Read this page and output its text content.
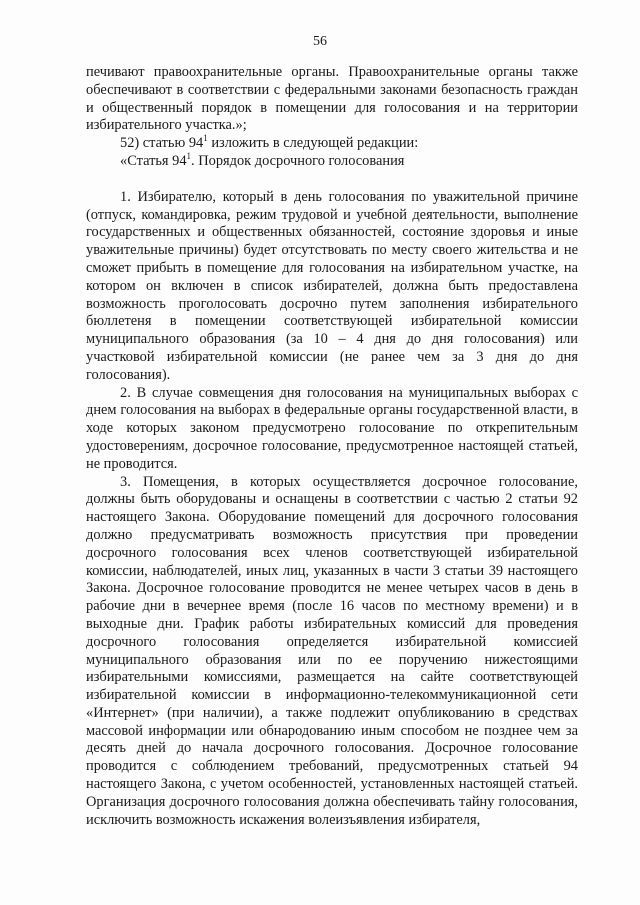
56

печивают правоохранительные органы. Правоохранительные органы также обеспечивают в соответствии с федеральными законами безопасность граждан и общественный порядок в помещении для голосования и на территории избирательного участка.»;

52) статью $94^1$ изложить в следующей редакции:

«Статья $94^1$. Порядок досрочного голосования

1. Избирателю, который в день голосования по уважительной причине (отпуск, командировка, режим трудовой и учебной деятельности, выполнение государственных и общественных обязанностей, состояние здоровья и иные уважительные причины) будет отсутствовать по месту своего жительства и не сможет прибыть в помещение для голосования на избирательном участке, на котором он включен в список избирателей, должна быть предоставлена возможность проголосовать досрочно путем заполнения избирательного бюллетеня в помещении соответствующей избирательной комиссии муниципального образования (за 10 – 4 дня до дня голосования) или участковой избирательной комиссии (не ранее чем за 3 дня до дня голосования).

2. В случае совмещения дня голосования на муниципальных выборах с днем голосования на выборах в федеральные органы государственной власти, в ходе которых законом предусмотрено голосование по открепительным удостоверениям, досрочное голосование, предусмотренное настоящей статьей, не проводится.

3. Помещения, в которых осуществляется досрочное голосование, должны быть оборудованы и оснащены в соответствии с частью 2 статьи 92 настоящего Закона. Оборудование помещений для досрочного голосования должно предусматривать возможность присутствия при проведении досрочного голосования всех членов соответствующей избирательной комиссии, наблюдателей, иных лиц, указанных в части 3 статьи 39 настоящего Закона. Досрочное голосование проводится не менее четырех часов в день в рабочие дни в вечернее время (после 16 часов по местному времени) и в выходные дни. График работы избирательных комиссий для проведения досрочного голосования определяется избирательной комиссией муниципального образования или по ее поручению нижестоящими избирательными комиссиями, размещается на сайте соответствующей избирательной комиссии в информационно-телекоммуникационной сети «Интернет» (при наличии), а также подлежит опубликованию в средствах массовой информации или обнародованию иным способом не позднее чем за десять дней до начала досрочного голосования. Досрочное голосование проводится с соблюдением требований, предусмотренных статьей 94 настоящего Закона, с учетом особенностей, установленных настоящей статьей. Организация досрочного голосования должна обеспечивать тайну голосования, исключить возможность искажения волеизъявления избирателя,
